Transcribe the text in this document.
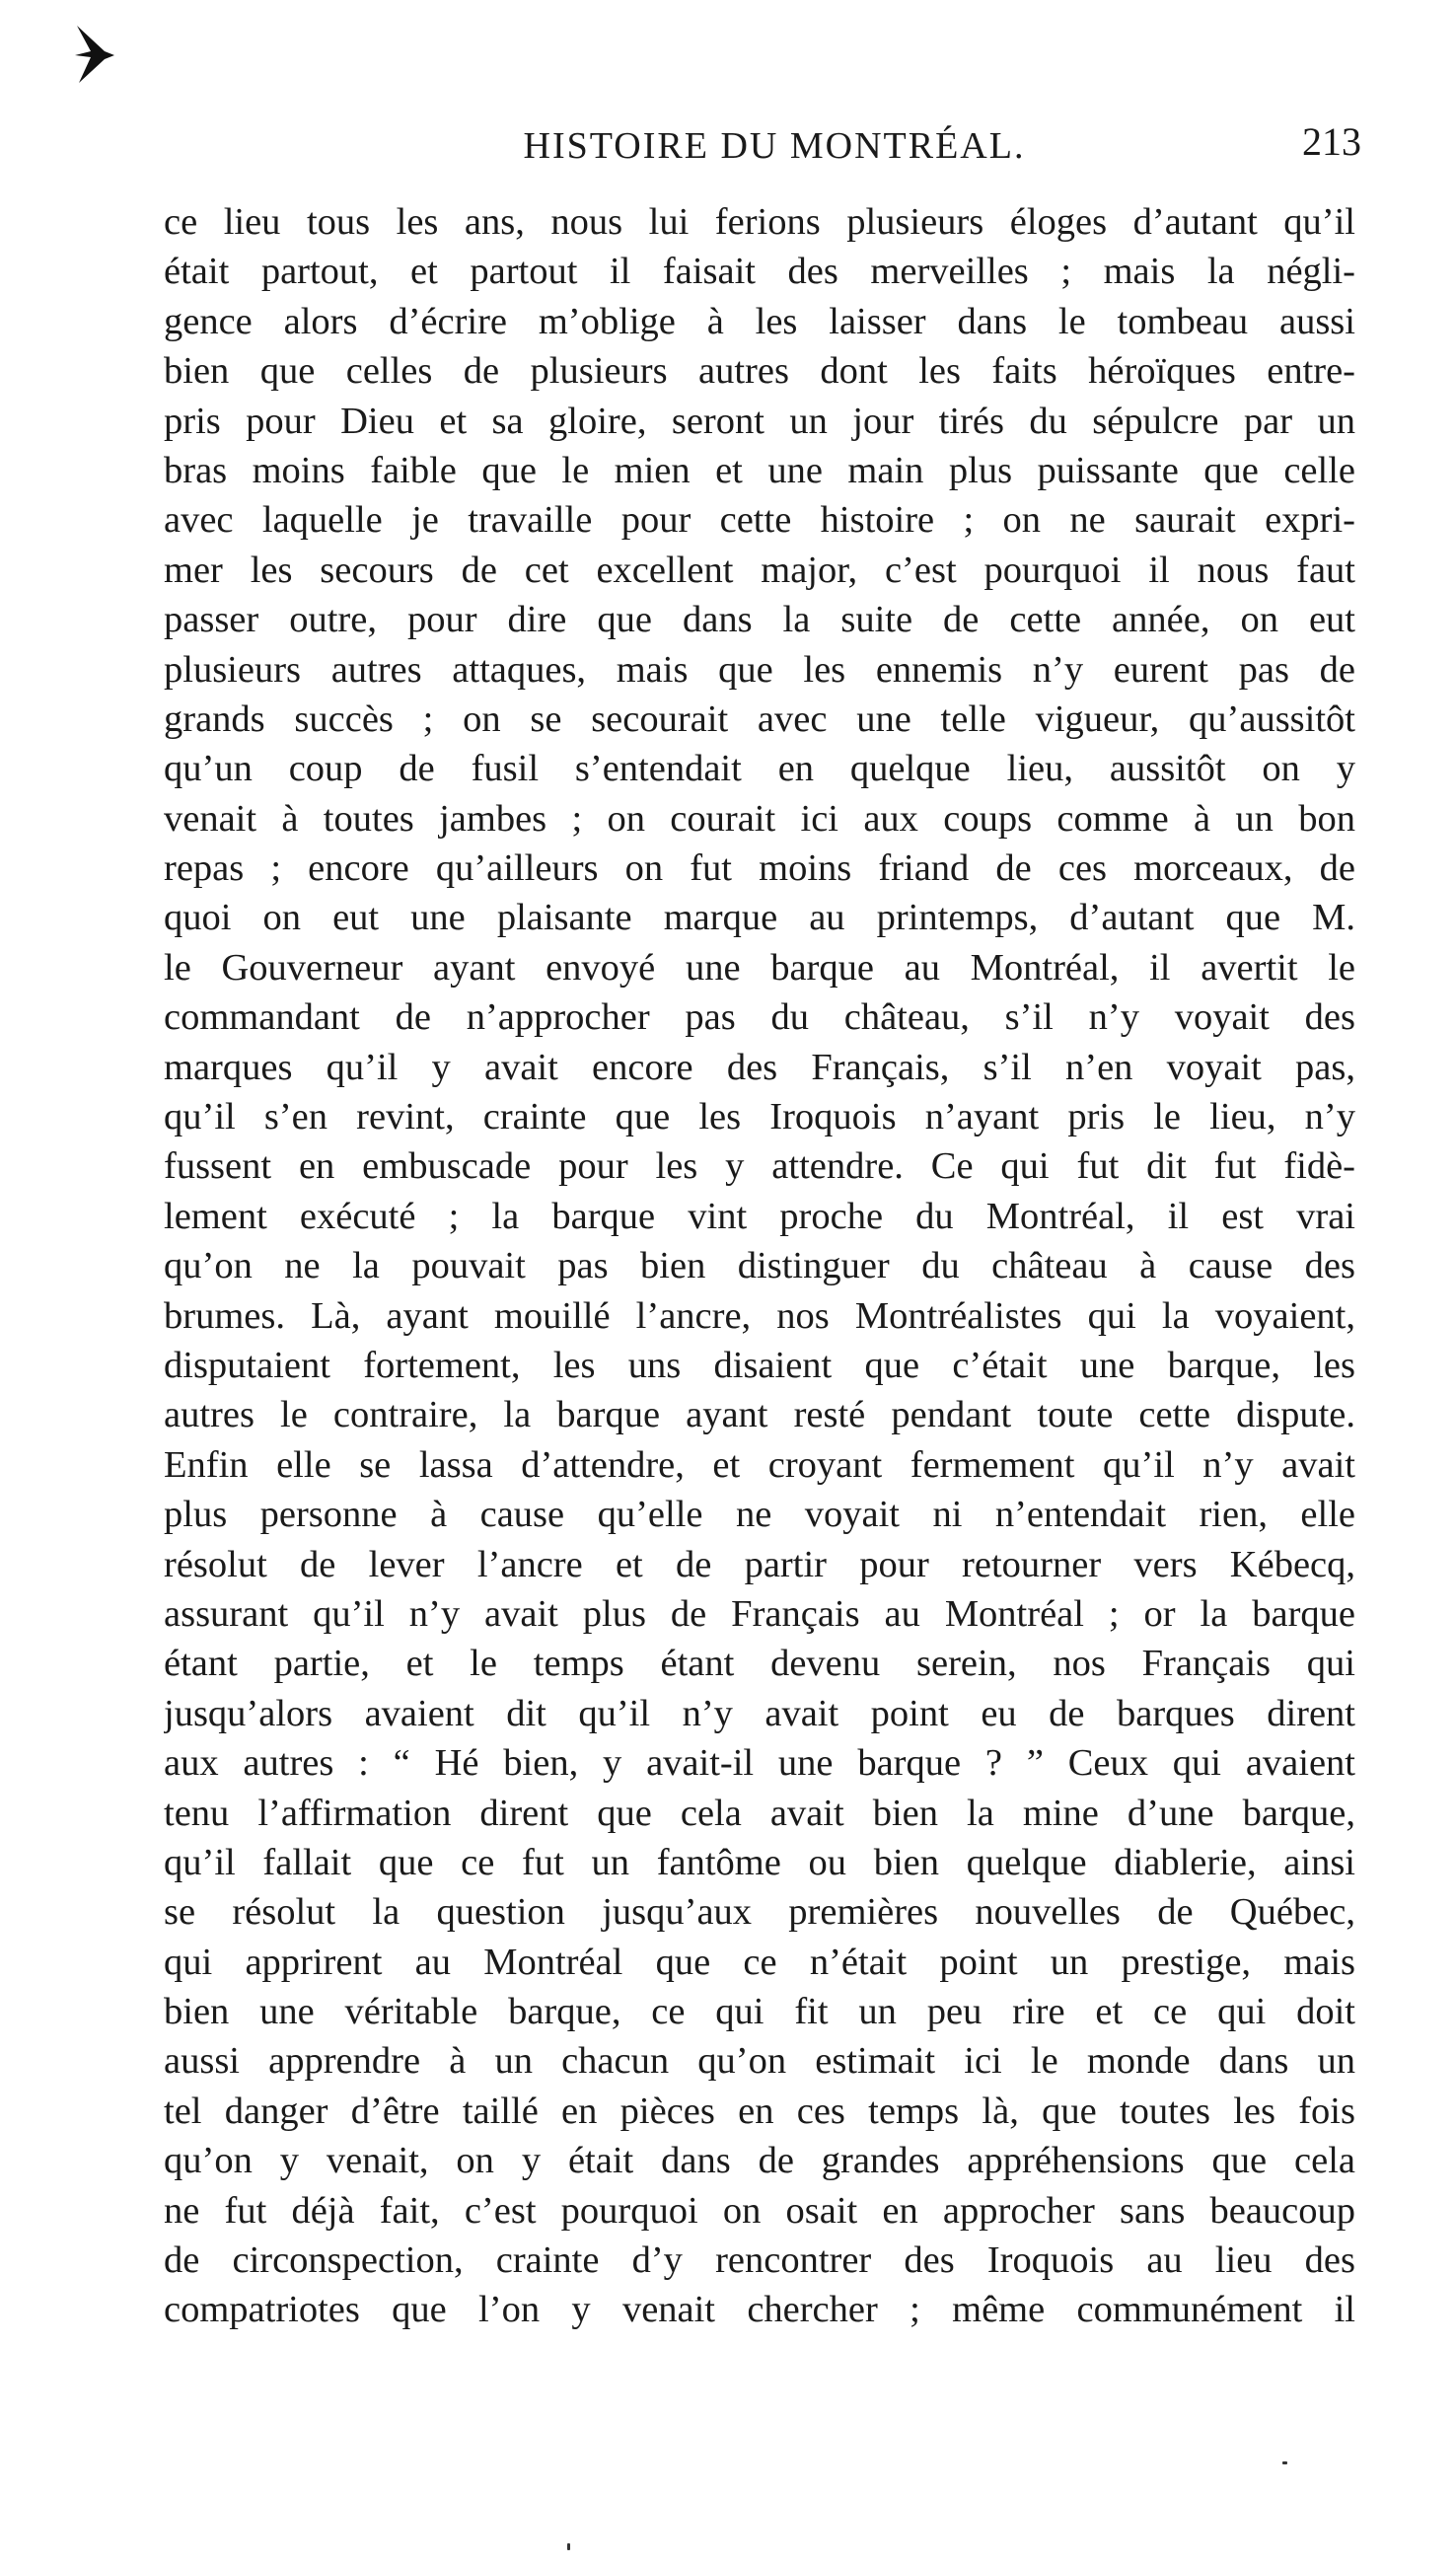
HISTOIRE DU MONTRÉAL.	213
ce lieu tous les ans, nous lui ferions plusieurs éloges d’autant qu’il
était partout, et partout il faisait des merveilles ; mais la négli-
gence alors d’écrire m’oblige à les laisser dans le tombeau aussi
bien que celles de plusieurs autres dont les faits héroïques entre-
pris pour Dieu et sa gloire, seront un jour tirés du sépulcre par un
bras moins faible que le mien et une main plus puissante que celle
avec laquelle je travaille pour cette histoire ; on ne saurait expri-
mer les secours de cet excellent major, c’est pourquoi il nous faut
passer outre, pour dire que dans la suite de cette année, on eut
plusieurs autres attaques, mais que les ennemis n’y eurent pas de
grands succès ; on se secourait avec une telle vigueur, qu’aussitôt
qu’un coup de fusil s’entendait en quelque lieu, aussitôt on y
venait à toutes jambes ; on courait ici aux coups comme à un bon
repas ; encore qu’ailleurs on fut moins friand de ces morceaux, de
quoi on eut une plaisante marque au printemps, d’autant que M.
le Gouverneur ayant envoyé une barque au Montréal, il avertit le
commandant de n’approcher pas du château, s’il n’y voyait des
marques qu’il y avait encore des Français, s’il n’en voyait pas,
qu’il s’en revint, crainte que les Iroquois n’ayant pris le lieu, n’y
fussent en embuscade pour les y attendre. Ce qui fut dit fut fidè-
lement exécuté ; la barque vint proche du Montréal, il est vrai
qu’on ne la pouvait pas bien distinguer du château à cause des
brumes. Là, ayant mouillé l’ancre, nos Montréalistes qui la voyaient,
disputaient fortement, les uns disaient que c’était une barque, les
autres le contraire, la barque ayant resté pendant toute cette dispute.
Enfin elle se lassa d’attendre, et croyant fermement qu’il n’y avait
plus personne à cause qu’elle ne voyait ni n’entendait rien, elle
résolut de lever l’ancre et de partir pour retourner vers Kébecq,
assurant qu’il n’y avait plus de Français au Montréal ; or la barque
étant partie, et le temps étant devenu serein, nos Français qui
jusqu’alors avaient dit qu’il n’y avait point eu de barques dirent
aux autres : “ Hé bien, y avait-il une barque ? ” Ceux qui avaient
tenu l’affirmation dirent que cela avait bien la mine d’une barque,
qu’il fallait que ce fut un fantôme ou bien quelque diablerie, ainsi
se résolut la question jusqu’aux premières nouvelles de Québec,
qui apprirent au Montréal que ce n’était point un prestige, mais
bien une véritable barque, ce qui fit un peu rire et ce qui doit
aussi apprendre à un chacun qu’on estimait ici le monde dans un
tel danger d’être taillé en pièces en ces temps là, que toutes les fois
qu’on y venait, on y était dans de grandes appréhensions que cela
ne fut déjà fait, c’est pourquoi on osait en approcher sans beaucoup
de circonspection, crainte d’y rencontrer des Iroquois au lieu des
compatriotes que l’on y venait chercher ; même communément il
